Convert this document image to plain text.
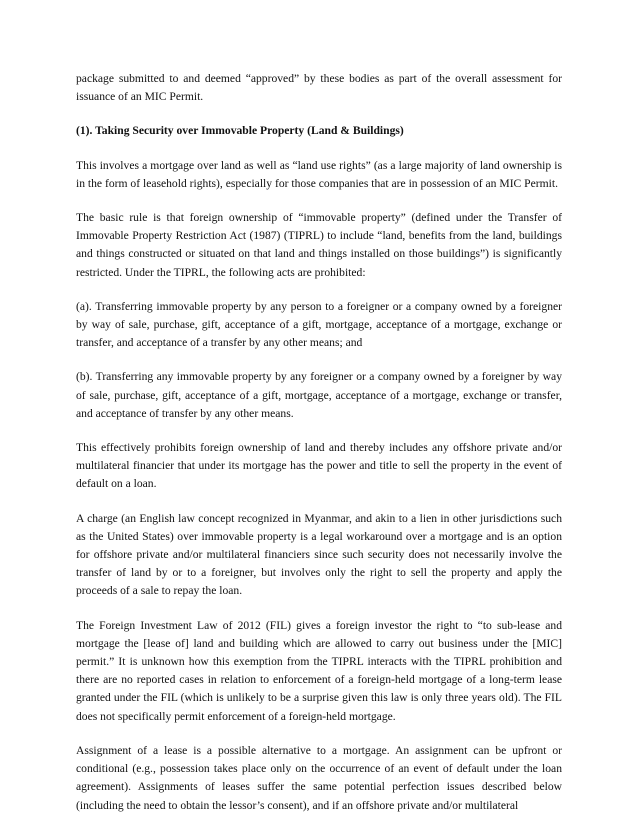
package submitted to and deemed “approved” by these bodies as part of the overall assessment for issuance of an MIC Permit.

(1). Taking Security over Immovable Property (Land & Buildings)

This involves a mortgage over land as well as “land use rights” (as a large majority of land ownership is in the form of leasehold rights), especially for those companies that are in possession of an MIC Permit.

The basic rule is that foreign ownership of “immovable property” (defined under the Transfer of Immovable Property Restriction Act (1987) (TIPRL) to include “land, benefits from the land, buildings and things constructed or situated on that land and things installed on those buildings”) is significantly restricted. Under the TIPRL, the following acts are prohibited:

(a). Transferring immovable property by any person to a foreigner or a company owned by a foreigner by way of sale, purchase, gift, acceptance of a gift, mortgage, acceptance of a mortgage, exchange or transfer, and acceptance of a transfer by any other means; and

(b). Transferring any immovable property by any foreigner or a company owned by a foreigner by way of sale, purchase, gift, acceptance of a gift, mortgage, acceptance of a mortgage, exchange or transfer, and acceptance of transfer by any other means.

This effectively prohibits foreign ownership of land and thereby includes any offshore private and/or multilateral financier that under its mortgage has the power and title to sell the property in the event of default on a loan.

A charge (an English law concept recognized in Myanmar, and akin to a lien in other jurisdictions such as the United States) over immovable property is a legal workaround over a mortgage and is an option for offshore private and/or multilateral financiers since such security does not necessarily involve the transfer of land by or to a foreigner, but involves only the right to sell the property and apply the proceeds of a sale to repay the loan.

The Foreign Investment Law of 2012 (FIL) gives a foreign investor the right to “to sub-lease and mortgage the [lease of] land and building which are allowed to carry out business under the [MIC] permit.” It is unknown how this exemption from the TIPRL interacts with the TIPRL prohibition and there are no reported cases in relation to enforcement of a foreign-held mortgage of a long-term lease granted under the FIL (which is unlikely to be a surprise given this law is only three years old). The FIL does not specifically permit enforcement of a foreign-held mortgage.

Assignment of a lease is a possible alternative to a mortgage. An assignment can be upfront or conditional (e.g., possession takes place only on the occurrence of an event of default under the loan agreement). Assignments of leases suffer the same potential perfection issues described below (including the need to obtain the lessor’s consent), and if an offshore private and/or multilateral
